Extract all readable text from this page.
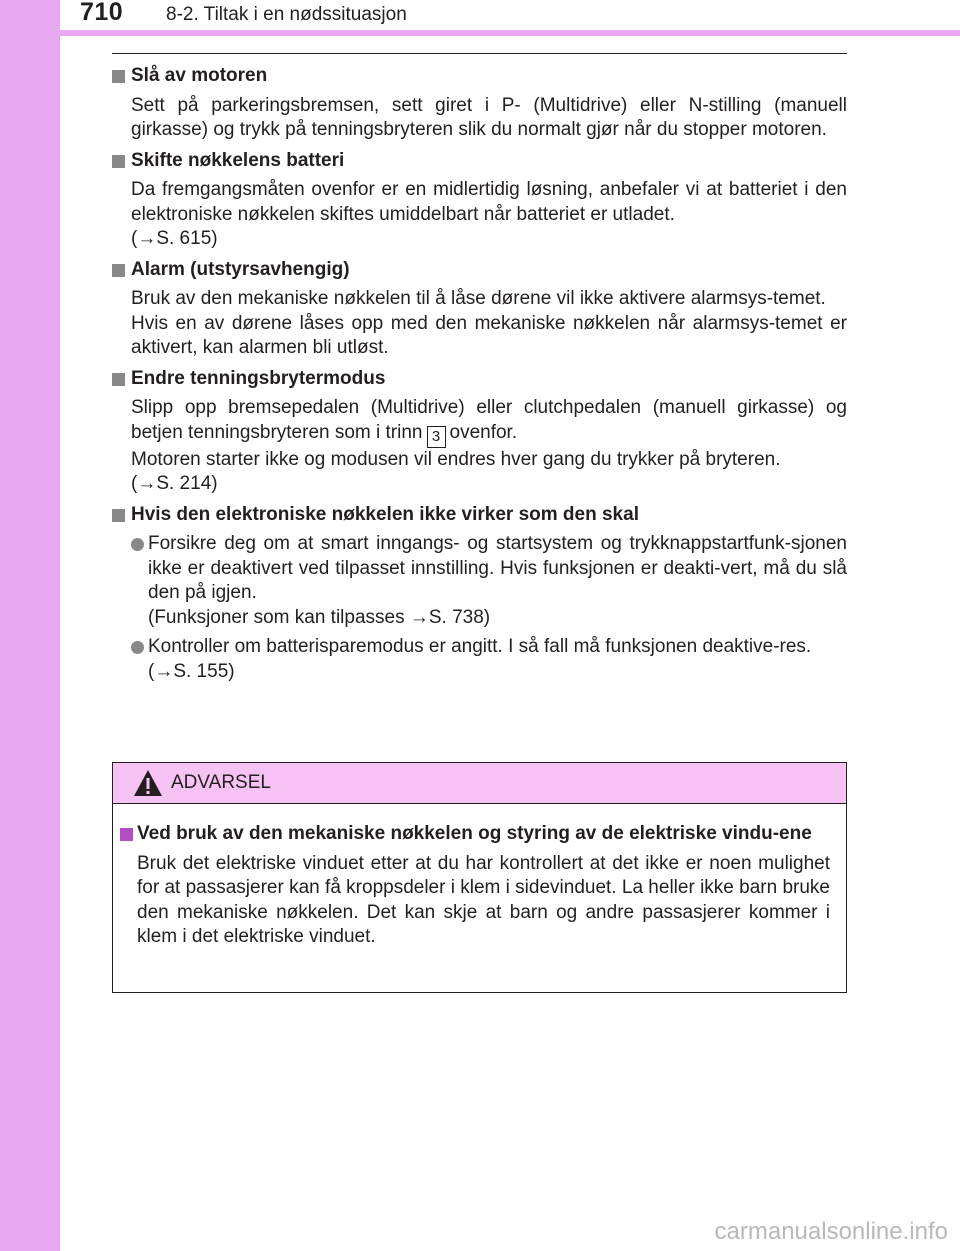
710 8-2. Tiltak i en nødssituasjon
Slå av motoren
Sett på parkeringsbremsen, sett giret i P- (Multidrive) eller N-stilling (manuell girkasse) og trykk på tenningsbryteren slik du normalt gjør når du stopper motoren.
Skifte nøkkelens batteri
Da fremgangsmåten ovenfor er en midlertidig løsning, anbefaler vi at batteriet i den elektroniske nøkkelen skiftes umiddelbart når batteriet er utladet.
(→S. 615)
Alarm (utstyrsavhengig)
Bruk av den mekaniske nøkkelen til å låse dørene vil ikke aktivere alarmsys-temet.
Hvis en av dørene låses opp med den mekaniske nøkkelen når alarmsys-temet er aktivert, kan alarmen bli utløst.
Endre tenningsbrytermodus
Slipp opp bremsepedalen (Multidrive) eller clutchpedalen (manuell girkasse) og betjen tenningsbryteren som i trinn 3 ovenfor.
Motoren starter ikke og modusen vil endres hver gang du trykker på bryteren.
(→S. 214)
Hvis den elektroniske nøkkelen ikke virker som den skal
Forsikre deg om at smart inngangs- og startsystem og trykknappstartfunk-sjonen ikke er deaktivert ved tilpasset innstilling. Hvis funksjonen er deakti-vert, må du slå den på igjen.
(Funksjoner som kan tilpasses →S. 738)
Kontroller om batterisparemodus er angitt. I så fall må funksjonen deaktive-res.
(→S. 155)
ADVARSEL
Ved bruk av den mekaniske nøkkelen og styring av de elektriske vindu-ene
Bruk det elektriske vinduet etter at du har kontrollert at det ikke er noen mulighet for at passasjerer kan få kroppsdeler i klem i sidevinduet. La heller ikke barn bruke den mekaniske nøkkelen. Det kan skje at barn og andre passasjerer kommer i klem i det elektriske vinduet.
carmanualsonline.info
